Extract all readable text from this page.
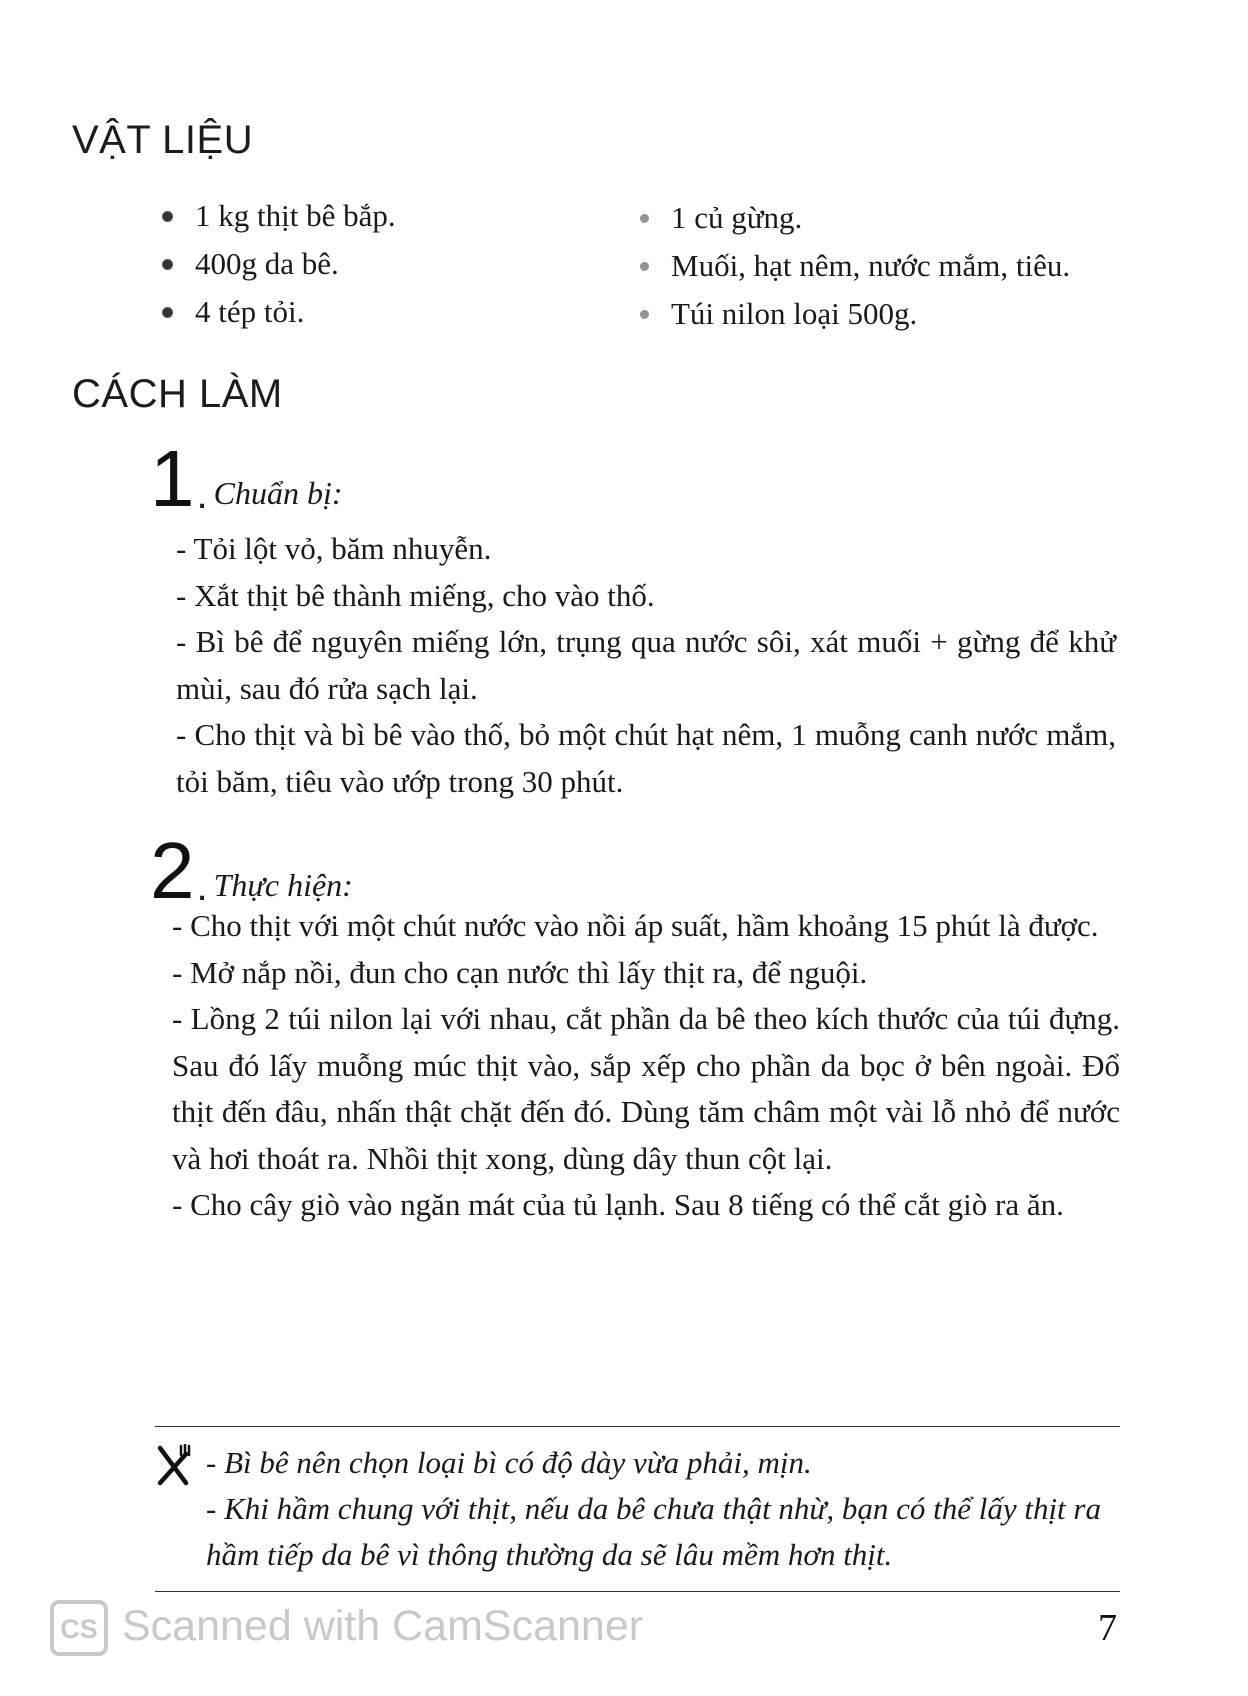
VẬT LIỆU
1 kg thịt bê bắp.
400g da bê.
4 tép tỏi.
1 củ gừng.
Muối, hạt nêm, nước mắm, tiêu.
Túi nilon loại 500g.
CÁCH LÀM
1 . Chuẩn bị:

- Tỏi lột vỏ, băm nhuyễn.

- Xắt thịt bê thành miếng, cho vào thố.

- Bì bê để nguyên miếng lớn, trụng qua nước sôi, xát muối + gừng để khử mùi, sau đó rửa sạch lại.

- Cho thịt và bì bê vào thố, bỏ một chút hạt nêm, 1 muỗng canh nước mắm, tỏi băm, tiêu vào ướp trong 30 phút.

2 . Thực hiện:

- Cho thịt với một chút nước vào nồi áp suất, hầm khoảng 15 phút là được.

- Mở nắp nồi, đun cho cạn nước thì lấy thịt ra, để nguội.

- Lồng 2 túi nilon lại với nhau, cắt phần da bê theo kích thước của túi đựng. Sau đó lấy muỗng múc thịt vào, sắp xếp cho phần da bọc ở bên ngoài. Đổ thịt đến đâu, nhấn thật chặt đến đó. Dùng tăm châm một vài lỗ nhỏ để nước và hơi thoát ra. Nhồi thịt xong, dùng dây thun cột lại.

- Cho cây giò vào ngăn mát của tủ lạnh. Sau 8 tiếng có thể cắt giò ra ăn.

- Bì bê nên chọn loại bì có độ dày vừa phải, mịn.

- Khi hầm chung với thịt, nếu da bê chưa thật nhừ, bạn có thể lấy thịt ra hầm tiếp da bê vì thông thường da sẽ lâu mềm hơn thịt.

CS Scanned with CamScanner	7
